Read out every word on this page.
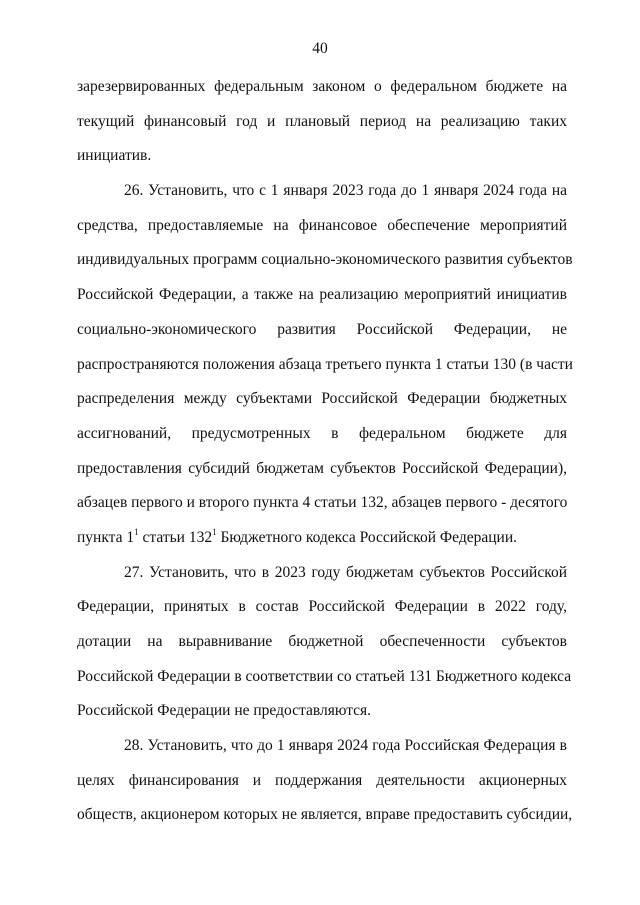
40
зарезервированных федеральным законом о федеральном бюджете на
текущий финансовый год и плановый период на реализацию таких
инициатив.
26. Установить, что с 1 января 2023 года до 1 января 2024 года на
средства, предоставляемые на финансовое обеспечение мероприятий
индивидуальных программ социально-экономического развития субъектов
Российской Федерации, а также на реализацию мероприятий инициатив
социально-экономического развития Российской Федерации, не
распространяются положения абзаца третьего пункта 1 статьи 130 (в части
распределения между субъектами Российской Федерации бюджетных
ассигнований, предусмотренных в федеральном бюджете для
предоставления субсидий бюджетам субъектов Российской Федерации),
абзацев первого и второго пункта 4 статьи 132, абзацев первого - десятого
пункта $1^1$ статьи $132^1$ Бюджетного кодекса Российской Федерации.
27. Установить, что в 2023 году бюджетам субъектов Российской
Федерации, принятых в состав Российской Федерации в 2022 году,
дотации на выравнивание бюджетной обеспеченности субъектов
Российской Федерации в соответствии со статьей 131 Бюджетного кодекса
Российской Федерации не предоставляются.
28. Установить, что до 1 января 2024 года Российская Федерация в
целях финансирования и поддержания деятельности акционерных
обществ, акционером которых не является, вправе предоставить субсидии,
